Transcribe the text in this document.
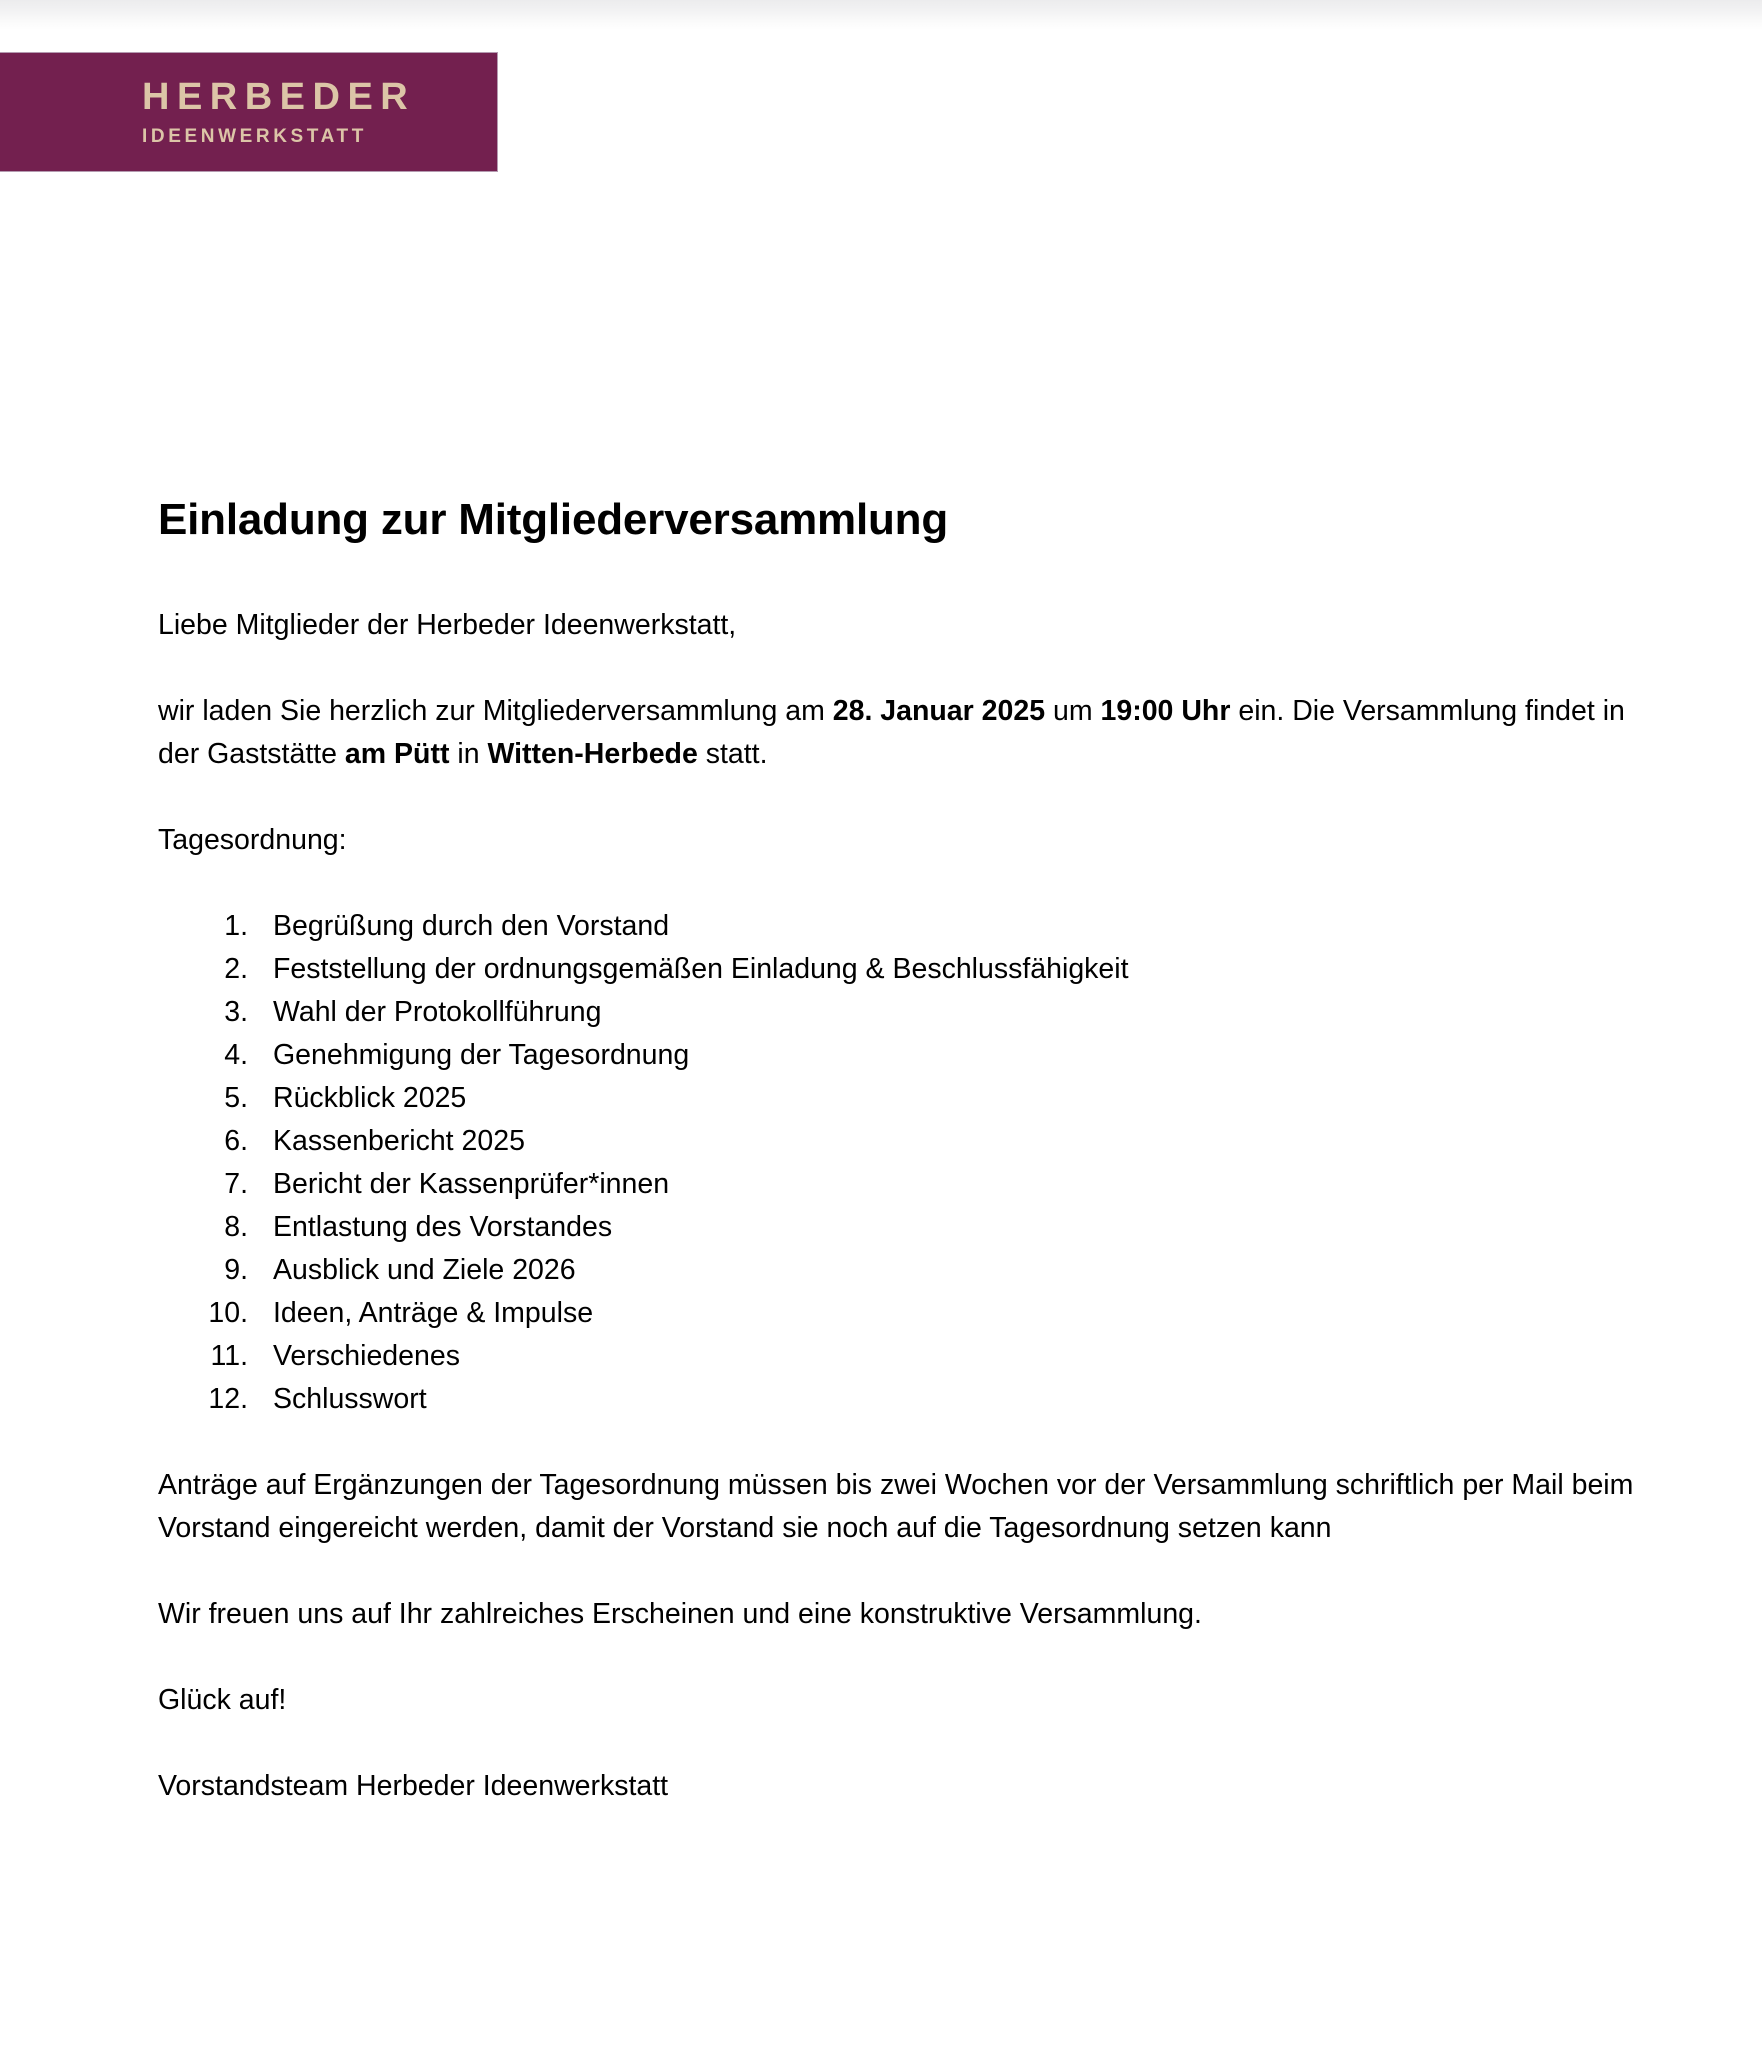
HERBEDER
IDEENWERKSTATT
Einladung zur Mitgliederversammlung

Liebe Mitglieder der Herbeder Ideenwerkstatt,

wir laden Sie herzlich zur Mitgliederversammlung am 28. Januar 2025 um 19:00 Uhr ein. Die Versammlung findet in der Gaststätte am Pütt in Witten-Herbede statt.

Tagesordnung:

Begrüßung durch den Vorstand
Feststellung der ordnungsgemäßen Einladung & Beschlussfähigkeit
Wahl der Protokollführung
Genehmigung der Tagesordnung
Rückblick 2025
Kassenbericht 2025
Bericht der Kassenprüfer*innen
Entlastung des Vorstandes
Ausblick und Ziele 2026
Ideen, Anträge & Impulse
Verschiedenes
Schlusswort

Anträge auf Ergänzungen der Tagesordnung müssen bis zwei Wochen vor der Versammlung schriftlich per Mail beim Vorstand eingereicht werden, damit der Vorstand sie noch auf die Tagesordnung setzen kann

Wir freuen uns auf Ihr zahlreiches Erscheinen und eine konstruktive Versammlung.

Glück auf!

Vorstandsteam Herbeder Ideenwerkstatt
